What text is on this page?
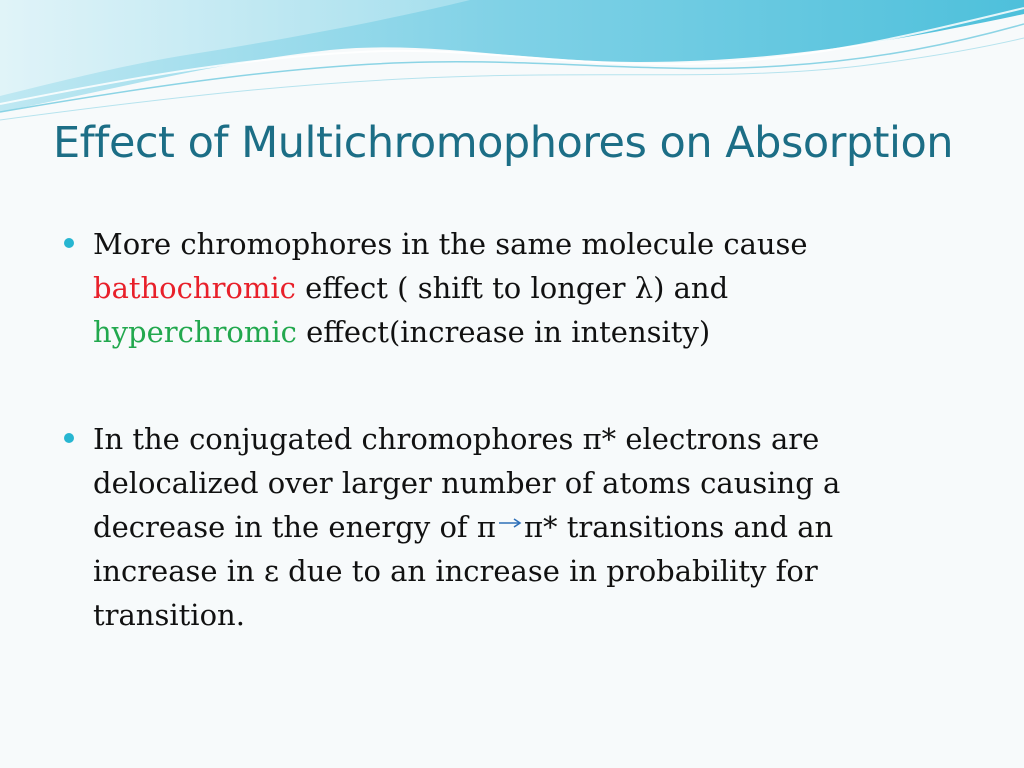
Effect of Multichromophores on Absorption
More chromophores in the same molecule cause
bathochromic effect ( shift to longer λ) and
hyperchromic effect(increase in intensity)
In the conjugated chromophores π* electrons are delocalized over larger number of atoms causing a decrease in the energy of π π* transitions and an increase in ε due to an increase in probability for transition.
